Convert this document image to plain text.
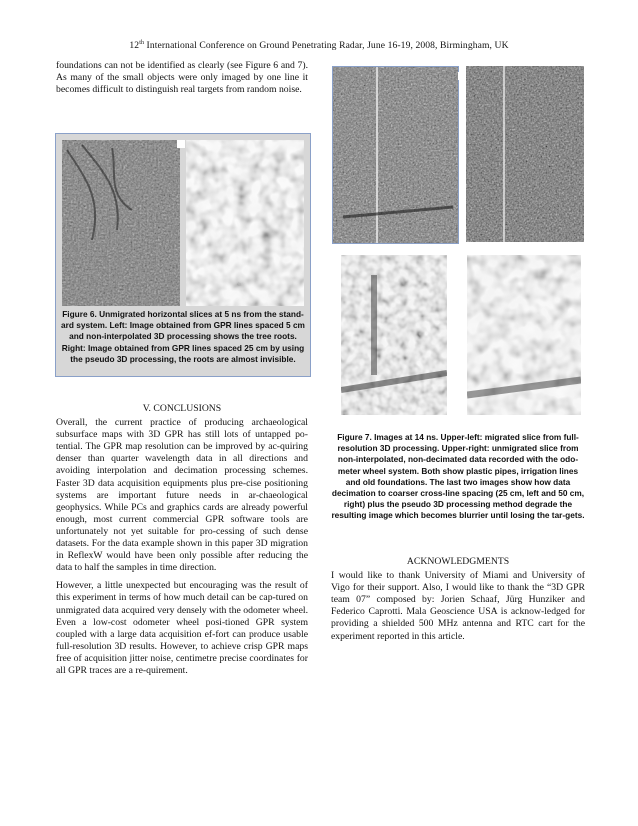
12th International Conference on Ground Penetrating Radar, June 16-19, 2008, Birmingham, UK

foundations can not be identified as clearly (see Figure 6 and 7). As many of the small objects were only imaged by one line it becomes difficult to distinguish real targets from random noise.

Figure 6. Unmigrated horizontal slices at 5 ns from the stand-ard system. Left: Image obtained from GPR lines spaced 5 cm and non-interpolated 3D processing shows the tree roots. Right: Image obtained from GPR lines spaced 25 cm by using the pseudo 3D processing, the roots are almost invisible.

V. CONCLUSIONS

Overall, the current practice of producing archaeological subsurface maps with 3D GPR has still lots of untapped po-tential. The GPR map resolution can be improved by ac-quiring denser than quarter wavelength data in all directions and avoiding interpolation and decimation processing schemes. Faster 3D data acquisition equipments plus pre-cise positioning systems are important future needs in ar-chaeological geophysics. While PCs and graphics cards are already powerful enough, most current commercial GPR software tools are unfortunately not yet suitable for pro-cessing of such dense datasets. For the data example shown in this paper 3D migration in ReflexW would have been only possible after reducing the data to half the samples in time direction.

However, a little unexpected but encouraging was the result of this experiment in terms of how much detail can be cap-tured on unmigrated data acquired very densely with the odometer wheel. Even a low-cost odometer wheel posi-tioned GPR system coupled with a large data acquisition ef-fort can produce usable full-resolution 3D results. However, to achieve crisp GPR maps free of acquisition jitter noise, centimetre precise coordinates for all GPR traces are a re-quirement.

Figure 7. Images at 14 ns. Upper-left: migrated slice from full-resolution 3D processing. Upper-right: unmigrated slice from non-interpolated, non-decimated data recorded with the odo-meter wheel system. Both show plastic pipes, irrigation lines and old foundations. The last two images show how data decimation to coarser cross-line spacing (25 cm, left and 50 cm, right) plus the pseudo 3D processing method degrade the resulting image which becomes blurrier until losing the tar-gets.

ACKNOWLEDGMENTS

I would like to thank University of Miami and University of Vigo for their support. Also, I would like to thank the “3D GPR team 07” composed by: Jorien Schaaf, Jürg Hunziker and Federico Caprotti. Mala Geoscience USA is acknow-ledged for providing a shielded 500 MHz antenna and RTC cart for the experiment reported in this article.
